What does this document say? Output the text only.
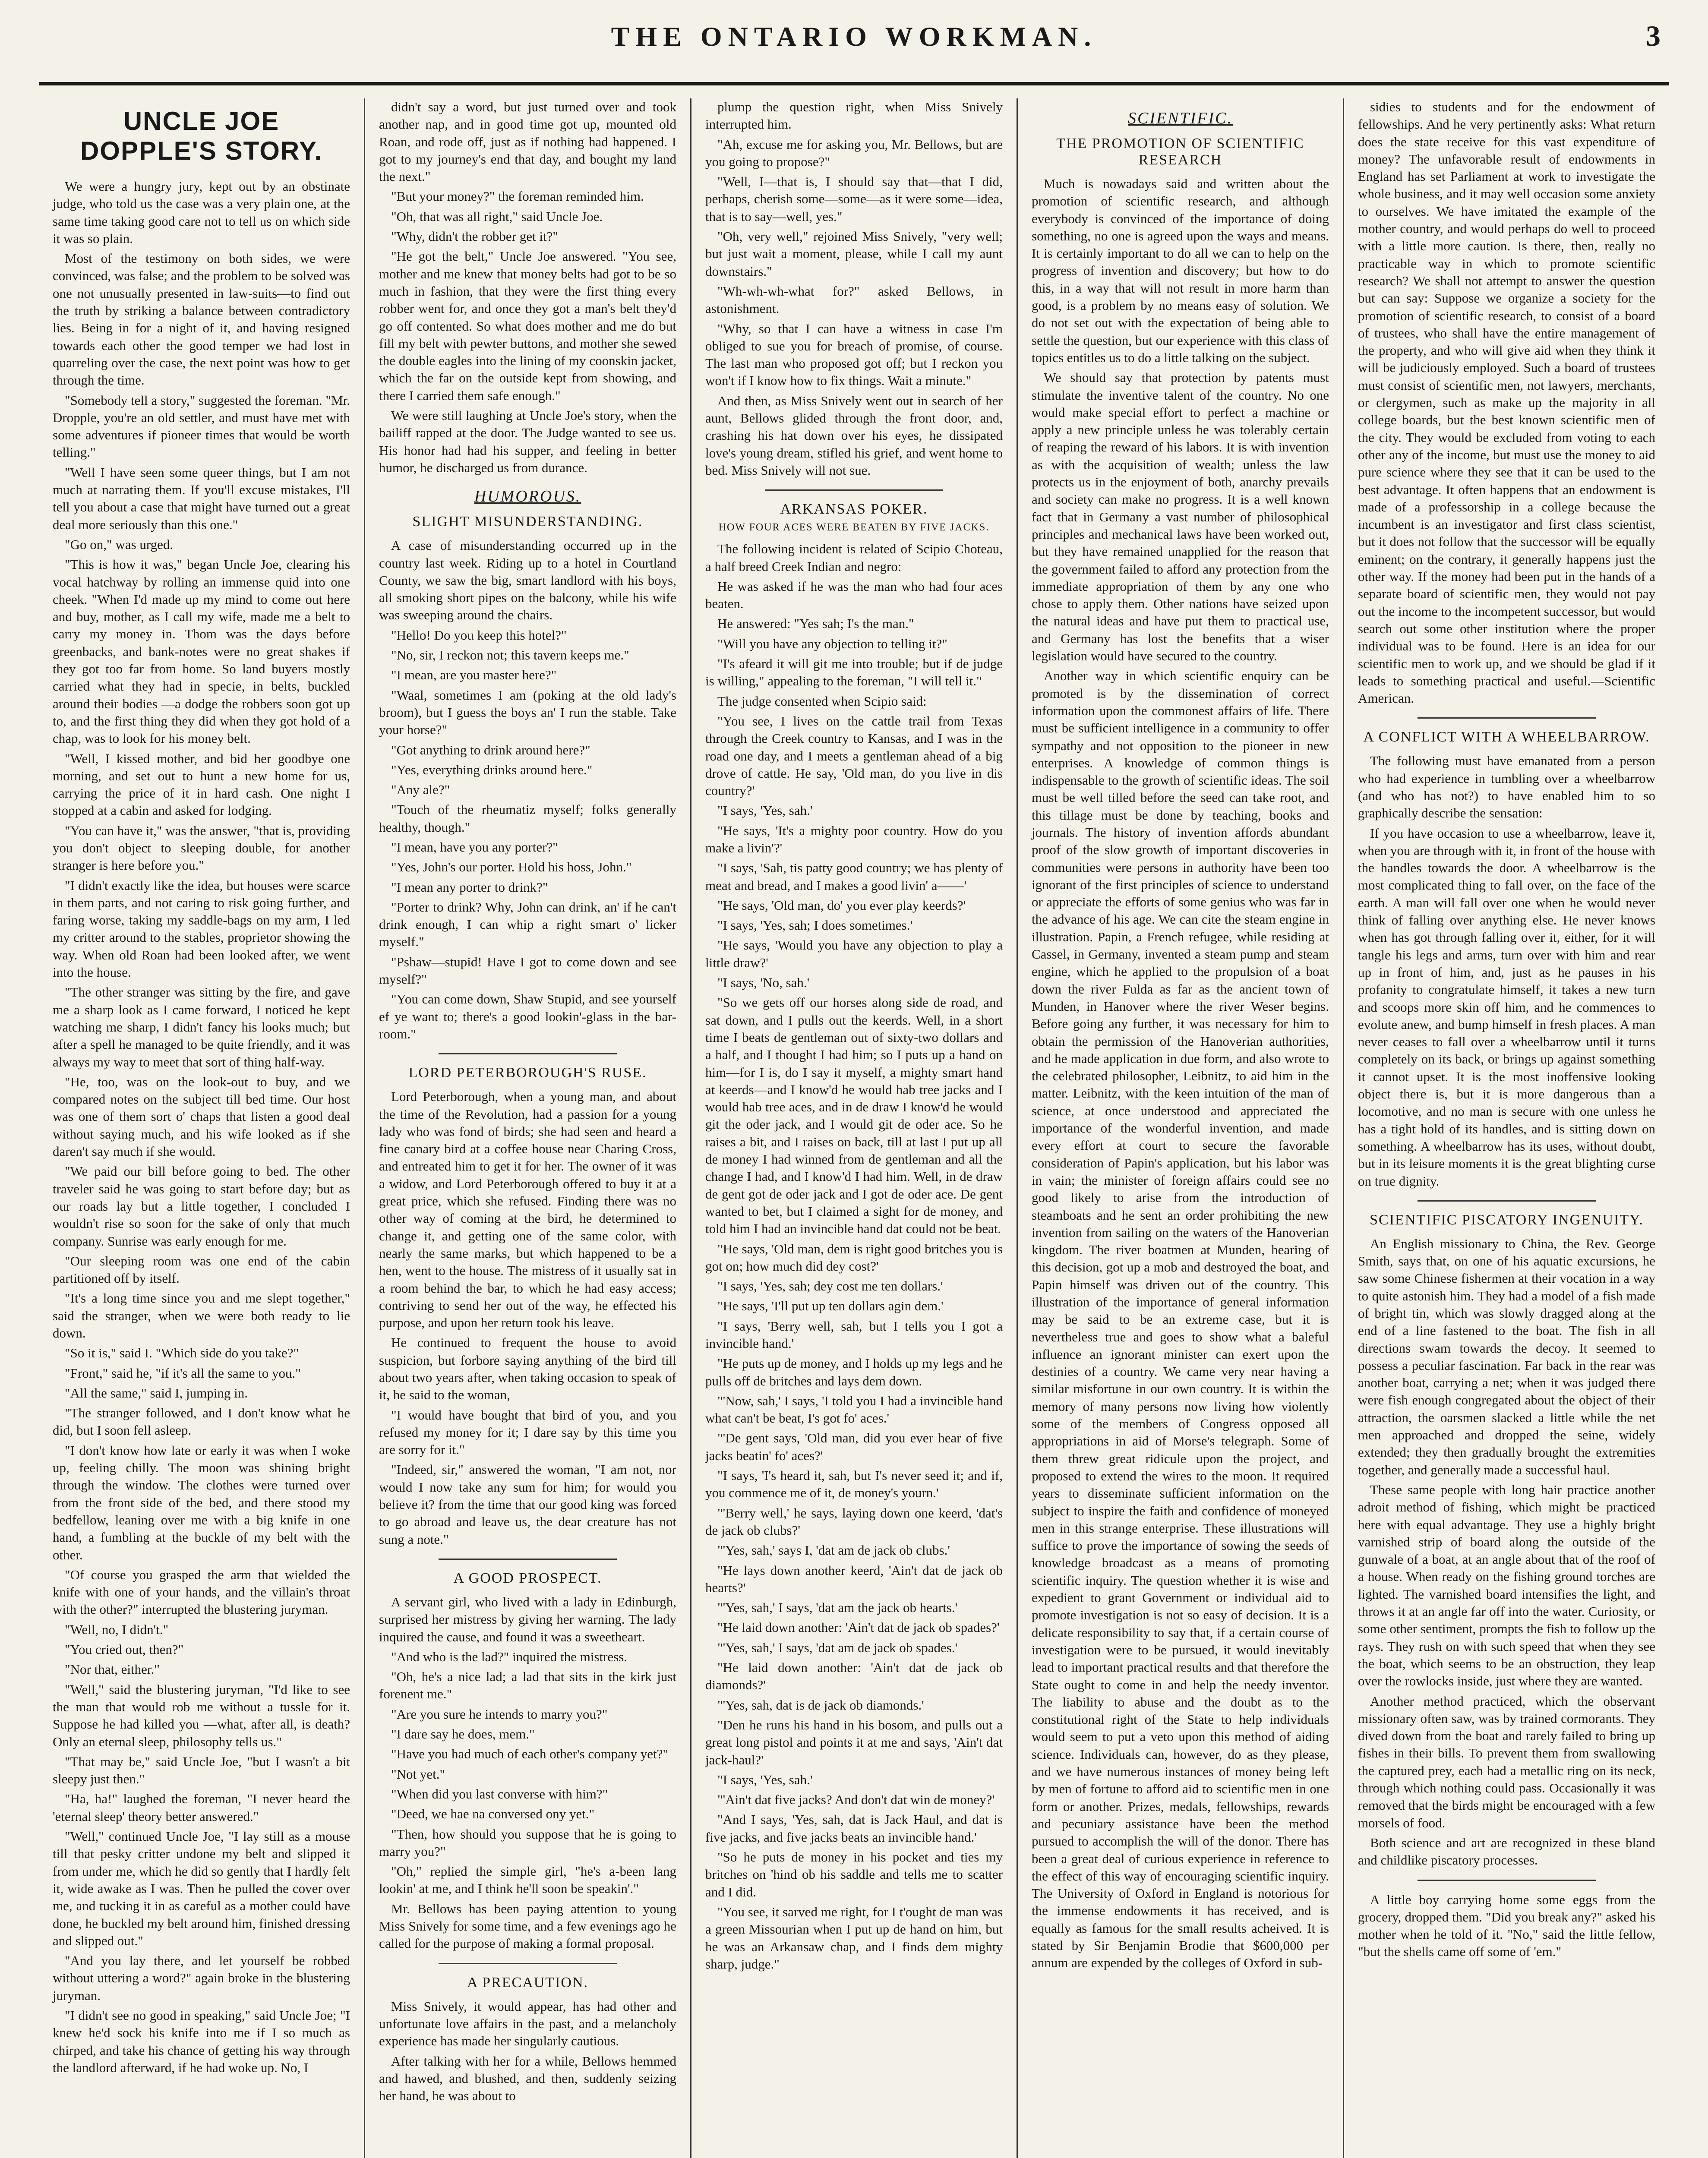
THE ONTARIO WORKMAN.	3
UNCLE JOE DOPPLE'S STORY.

We were a hungry jury, kept out by an obstinate judge, who told us the case was a very plain one, at the same time taking good care not to tell us on which side it was so plain.

Most of the testimony on both sides, we were convinced, was false; and the problem to be solved was one not unusually presented in law-suits—to find out the truth by striking a balance between contradictory lies. Being in for a night of it, and having resigned towards each other the good temper we had lost in quarreling over the case, the next point was how to get through the time.

"Somebody tell a story," suggested the foreman. "Mr. Dropple, you're an old settler, and must have met with some adventures if pioneer times that would be worth telling."

"Well I have seen some queer things, but I am not much at narrating them. If you'll excuse mistakes, I'll tell you about a case that might have turned out a great deal more seriously than this one."

"Go on," was urged.

"This is how it was," began Uncle Joe, clearing his vocal hatchway by rolling an immense quid into one cheek. "When I'd made up my mind to come out here and buy, mother, as I call my wife, made me a belt to carry my money in. Thom was the days before greenbacks, and bank-notes were no great shakes if they got too far from home. So land buyers mostly carried what they had in specie, in belts, buckled around their bodies —a dodge the robbers soon got up to, and the first thing they did when they got hold of a chap, was to look for his money belt.

"Well, I kissed mother, and bid her goodbye one morning, and set out to hunt a new home for us, carrying the price of it in hard cash. One night I stopped at a cabin and asked for lodging.

"You can have it," was the answer, "that is, providing you don't object to sleeping double, for another stranger is here before you."

"I didn't exactly like the idea, but houses were scarce in them parts, and not caring to risk going further, and faring worse, taking my saddle-bags on my arm, I led my critter around to the stables, proprietor showing the way. When old Roan had been looked after, we went into the house.

"The other stranger was sitting by the fire, and gave me a sharp look as I came forward, I noticed he kept watching me sharp, I didn't fancy his looks much; but after a spell he managed to be quite friendly, and it was always my way to meet that sort of thing half-way.

"He, too, was on the look-out to buy, and we compared notes on the subject till bed time. Our host was one of them sort o' chaps that listen a good deal without saying much, and his wife looked as if she daren't say much if she would.

"We paid our bill before going to bed. The other traveler said he was going to start before day; but as our roads lay but a little together, I concluded I wouldn't rise so soon for the sake of only that much company. Sunrise was early enough for me.

"Our sleeping room was one end of the cabin partitioned off by itself.

"It's a long time since you and me slept together," said the stranger, when we were both ready to lie down.

"So it is," said I. "Which side do you take?"

"Front," said he, "if it's all the same to you."

"All the same," said I, jumping in.

"The stranger followed, and I don't know what he did, but I soon fell asleep.

"I don't know how late or early it was when I woke up, feeling chilly. The moon was shining bright through the window. The clothes were turned over from the front side of the bed, and there stood my bedfellow, leaning over me with a big knife in one hand, a fumbling at the buckle of my belt with the other.

"Of course you grasped the arm that wielded the knife with one of your hands, and the villain's throat with the other?" interrupted the blustering juryman.

"Well, no, I didn't."

"You cried out, then?"

"Nor that, either."

"Well," said the blustering juryman, "I'd like to see the man that would rob me without a tussle for it. Suppose he had killed you —what, after all, is death? Only an eternal sleep, philosophy tells us."

"That may be," said Uncle Joe, "but I wasn't a bit sleepy just then."

"Ha, ha!" laughed the foreman, "I never heard the 'eternal sleep' theory better answered."

"Well," continued Uncle Joe, "I lay still as a mouse till that pesky critter undone my belt and slipped it from under me, which he did so gently that I hardly felt it, wide awake as I was. Then he pulled the cover over me, and tucking it in as careful as a mother could have done, he buckled my belt around him, finished dressing and slipped out."

"And you lay there, and let yourself be robbed without uttering a word?" again broke in the blustering juryman.

"I didn't see no good in speaking," said Uncle Joe; "I knew he'd sock his knife into me if I so much as chirped, and take his chance of getting his way through the landlord afterward, if he had woke up. No, I

didn't say a word, but just turned over and took another nap, and in good time got up, mounted old Roan, and rode off, just as if nothing had happened. I got to my journey's end that day, and bought my land the next."

"But your money?" the foreman reminded him.

"Oh, that was all right," said Uncle Joe.

"Why, didn't the robber get it?"

"He got the belt," Uncle Joe answered. "You see, mother and me knew that money belts had got to be so much in fashion, that they were the first thing every robber went for, and once they got a man's belt they'd go off contented. So what does mother and me do but fill my belt with pewter buttons, and mother she sewed the double eagles into the lining of my coonskin jacket, which the far on the outside kept from showing, and there I carried them safe enough."

We were still laughing at Uncle Joe's story, when the bailiff rapped at the door. The Judge wanted to see us. His honor had had his supper, and feeling in better humor, he discharged us from durance.

HUMOROUS.
SLIGHT MISUNDERSTANDING.

A case of misunderstanding occurred up in the country last week. Riding up to a hotel in Courtland County, we saw the big, smart landlord with his boys, all smoking short pipes on the balcony, while his wife was sweeping around the chairs.

"Hello! Do you keep this hotel?"

"No, sir, I reckon not; this tavern keeps me."

"I mean, are you master here?"

"Waal, sometimes I am (poking at the old lady's broom), but I guess the boys an' I run the stable. Take your horse?"

"Got anything to drink around here?"

"Yes, everything drinks around here."

"Any ale?"

"Touch of the rheumatiz myself; folks generally healthy, though."

"I mean, have you any porter?"

"Yes, John's our porter. Hold his hoss, John."

"I mean any porter to drink?"

"Porter to drink? Why, John can drink, an' if he can't drink enough, I can whip a right smart o' licker myself."

"Pshaw—stupid! Have I got to come down and see myself?"

"You can come down, Shaw Stupid, and see yourself ef ye want to; there's a good lookin'-glass in the bar-room."

LORD PETERBOROUGH'S RUSE.

Lord Peterborough, when a young man, and about the time of the Revolution, had a passion for a young lady who was fond of birds; she had seen and heard a fine canary bird at a coffee house near Charing Cross, and entreated him to get it for her. The owner of it was a widow, and Lord Peterborough offered to buy it at a great price, which she refused. Finding there was no other way of coming at the bird, he determined to change it, and getting one of the same color, with nearly the same marks, but which happened to be a hen, went to the house. The mistress of it usually sat in a room behind the bar, to which he had easy access; contriving to send her out of the way, he effected his purpose, and upon her return took his leave.

He continued to frequent the house to avoid suspicion, but forbore saying anything of the bird till about two years after, when taking occasion to speak of it, he said to the woman,

"I would have bought that bird of you, and you refused my money for it; I dare say by this time you are sorry for it."

"Indeed, sir," answered the woman, "I am not, nor would I now take any sum for him; for would you believe it? from the time that our good king was forced to go abroad and leave us, the dear creature has not sung a note."

A GOOD PROSPECT.

A servant girl, who lived with a lady in Edinburgh, surprised her mistress by giving her warning. The lady inquired the cause, and found it was a sweetheart.

"And who is the lad?" inquired the mistress.

"Oh, he's a nice lad; a lad that sits in the kirk just forenent me."

"Are you sure he intends to marry you?"

"I dare say he does, mem."

"Have you had much of each other's company yet?"

"Not yet."

"When did you last converse with him?"

"Deed, we hae na conversed ony yet."

"Then, how should you suppose that he is going to marry you?"

"Oh," replied the simple girl, "he's a-been lang lookin' at me, and I think he'll soon be speakin'."

Mr. Bellows has been paying attention to young Miss Snively for some time, and a few evenings ago he called for the purpose of making a formal proposal.

A PRECAUTION.

Miss Snively, it would appear, has had other and unfortunate love affairs in the past, and a melancholy experience has made her singularly cautious.

After talking with her for a while, Bellows hemmed and hawed, and blushed, and then, suddenly seizing her hand, he was about to

plump the question right, when Miss Snively interrupted him.

"Ah, excuse me for asking you, Mr. Bellows, but are you going to propose?"

"Well, I—that is, I should say that—that I did, perhaps, cherish some—some—as it were some—idea, that is to say—well, yes."

"Oh, very well," rejoined Miss Snively, "very well; but just wait a moment, please, while I call my aunt downstairs."

"Wh-wh-wh-what for?" asked Bellows, in astonishment.

"Why, so that I can have a witness in case I'm obliged to sue you for breach of promise, of course. The last man who proposed got off; but I reckon you won't if I know how to fix things. Wait a minute."

And then, as Miss Snively went out in search of her aunt, Bellows glided through the front door, and, crashing his hat down over his eyes, he dissipated love's young dream, stifled his grief, and went home to bed. Miss Snively will not sue.

ARKANSAS POKER.
HOW FOUR ACES WERE BEATEN BY FIVE JACKS.

The following incident is related of Scipio Choteau, a half breed Creek Indian and negro:

He was asked if he was the man who had four aces beaten.

He answered: "Yes sah; I's the man."

"Will you have any objection to telling it?"

"I's afeard it will git me into trouble; but if de judge is willing," appealing to the foreman, "I will tell it."

The judge consented when Scipio said:

"You see, I lives on the cattle trail from Texas through the Creek country to Kansas, and I was in the road one day, and I meets a gentleman ahead of a big drove of cattle. He say, 'Old man, do you live in dis country?'

"I says, 'Yes, sah.'

"He says, 'It's a mighty poor country. How do you make a livin'?'

"I says, 'Sah, tis patty good country; we has plenty of meat and bread, and I makes a good livin' a——'

"He says, 'Old man, do' you ever play keerds?'

"I says, 'Yes, sah; I does sometimes.'

"He says, 'Would you have any objection to play a little draw?'

"I says, 'No, sah.'

"So we gets off our horses along side de road, and sat down, and I pulls out the keerds. Well, in a short time I beats de gentleman out of sixty-two dollars and a half, and I thought I had him; so I puts up a hand on him—for I is, do I say it myself, a mighty smart hand at keerds—and I know'd he would hab tree jacks and I would hab tree aces, and in de draw I know'd he would git the oder jack, and I would git de oder ace. So he raises a bit, and I raises on back, till at last I put up all de money I had winned from de gentleman and all the change I had, and I know'd I had him. Well, in de draw de gent got de oder jack and I got de oder ace. De gent wanted to bet, but I claimed a sight for de money, and told him I had an invincible hand dat could not be beat.

"He says, 'Old man, dem is right good britches you is got on; how much did dey cost?'

"I says, 'Yes, sah; dey cost me ten dollars.'

"He says, 'I'll put up ten dollars agin dem.'

"I says, 'Berry well, sah, but I tells you I got a invincible hand.'

"He puts up de money, and I holds up my legs and he pulls off de britches and lays dem down.

"'Now, sah,' I says, 'I told you I had a invincible hand what can't be beat, I's got fo' aces.'

"'De gent says, 'Old man, did you ever hear of five jacks beatin' fo' aces?'

"I says, 'I's heard it, sah, but I's never seed it; and if, you commence me of it, de money's yourn.'

"'Berry well,' he says, laying down one keerd, 'dat's de jack ob clubs?'

"'Yes, sah,' says I, 'dat am de jack ob clubs.'

"He lays down another keerd, 'Ain't dat de jack ob hearts?'

"'Yes, sah,' I says, 'dat am the jack ob hearts.'

"He laid down another: 'Ain't dat de jack ob spades?'

"'Yes, sah,' I says, 'dat am de jack ob spades.'

"He laid down another: 'Ain't dat de jack ob diamonds?'

"'Yes, sah, dat is de jack ob diamonds.'

"Den he runs his hand in his bosom, and pulls out a great long pistol and points it at me and says, 'Ain't dat jack-haul?'

"I says, 'Yes, sah.'

"'Ain't dat five jacks? And don't dat win de money?'

"And I says, 'Yes, sah, dat is Jack Haul, and dat is five jacks, and five jacks beats an invincible hand.'

"So he puts de money in his pocket and ties my britches on 'hind ob his saddle and tells me to scatter and I did.

"You see, it sarved me right, for I t'ought de man was a green Missourian when I put up de hand on him, but he was an Arkansaw chap, and I finds dem mighty sharp, judge."

SCIENTIFIC.
THE PROMOTION OF SCIENTIFIC RESEARCH

Much is nowadays said and written about the promotion of scientific research, and although everybody is convinced of the importance of doing something, no one is agreed upon the ways and means. It is certainly important to do all we can to help on the progress of invention and discovery; but how to do this, in a way that will not result in more harm than good, is a problem by no means easy of solution. We do not set out with the expectation of being able to settle the question, but our experience with this class of topics entitles us to do a little talking on the subject.

We should say that protection by patents must stimulate the inventive talent of the country. No one would make special effort to perfect a machine or apply a new principle unless he was tolerably certain of reaping the reward of his labors. It is with invention as with the acquisition of wealth; unless the law protects us in the enjoyment of both, anarchy prevails and society can make no progress. It is a well known fact that in Germany a vast number of philosophical principles and mechanical laws have been worked out, but they have remained unapplied for the reason that the government failed to afford any protection from the immediate appropriation of them by any one who chose to apply them. Other nations have seized upon the natural ideas and have put them to practical use, and Germany has lost the benefits that a wiser legislation would have secured to the country.

Another way in which scientific enquiry can be promoted is by the dissemination of correct information upon the commonest affairs of life. There must be sufficient intelligence in a community to offer sympathy and not opposition to the pioneer in new enterprises. A knowledge of common things is indispensable to the growth of scientific ideas. The soil must be well tilled before the seed can take root, and this tillage must be done by teaching, books and journals. The history of invention affords abundant proof of the slow growth of important discoveries in communities were persons in authority have been too ignorant of the first principles of science to understand or appreciate the efforts of some genius who was far in the advance of his age. We can cite the steam engine in illustration. Papin, a French refugee, while residing at Cassel, in Germany, invented a steam pump and steam engine, which he applied to the propulsion of a boat down the river Fulda as far as the ancient town of Munden, in Hanover where the river Weser begins. Before going any further, it was necessary for him to obtain the permission of the Hanoverian authorities, and he made application in due form, and also wrote to the celebrated philosopher, Leibnitz, to aid him in the matter. Leibnitz, with the keen intuition of the man of science, at once understood and appreciated the importance of the wonderful invention, and made every effort at court to secure the favorable consideration of Papin's application, but his labor was in vain; the minister of foreign affairs could see no good likely to arise from the introduction of steamboats and he sent an order prohibiting the new invention from sailing on the waters of the Hanoverian kingdom. The river boatmen at Munden, hearing of this decision, got up a mob and destroyed the boat, and Papin himself was driven out of the country. This illustration of the importance of general information may be said to be an extreme case, but it is nevertheless true and goes to show what a baleful influence an ignorant minister can exert upon the destinies of a country. We came very near having a similar misfortune in our own country. It is within the memory of many persons now living how violently some of the members of Congress opposed all appropriations in aid of Morse's telegraph. Some of them threw great ridicule upon the project, and proposed to extend the wires to the moon. It required years to disseminate sufficient information on the subject to inspire the faith and confidence of moneyed men in this strange enterprise. These illustrations will suffice to prove the importance of sowing the seeds of knowledge broadcast as a means of promoting scientific inquiry. The question whether it is wise and expedient to grant Government or individual aid to promote investigation is not so easy of decision. It is a delicate responsibility to say that, if a certain course of investigation were to be pursued, it would inevitably lead to important practical results and that therefore the State ought to come in and help the needy inventor. The liability to abuse and the doubt as to the constitutional right of the State to help individuals would seem to put a veto upon this method of aiding science. Individuals can, however, do as they please, and we have numerous instances of money being left by men of fortune to afford aid to scientific men in one form or another. Prizes, medals, fellowships, rewards and pecuniary assistance have been the method pursued to accomplish the will of the donor. There has been a great deal of curious experience in reference to the effect of this way of encouraging scientific inquiry. The University of Oxford in England is notorious for the immense endowments it has received, and is equally as famous for the small results acheived. It is stated by Sir Benjamin Brodie that $600,000 per annum are expended by the colleges of Oxford in sub-

sidies to students and for the endowment of fellowships. And he very pertinently asks: What return does the state receive for this vast expenditure of money? The unfavorable result of endowments in England has set Parliament at work to investigate the whole business, and it may well occasion some anxiety to ourselves. We have imitated the example of the mother country, and would perhaps do well to proceed with a little more caution. Is there, then, really no practicable way in which to promote scientific research? We shall not attempt to answer the question but can say: Suppose we organize a society for the promotion of scientific research, to consist of a board of trustees, who shall have the entire management of the property, and who will give aid when they think it will be judiciously employed. Such a board of trustees must consist of scientific men, not lawyers, merchants, or clergymen, such as make up the majority in all college boards, but the best known scientific men of the city. They would be excluded from voting to each other any of the income, but must use the money to aid pure science where they see that it can be used to the best advantage. It often happens that an endowment is made of a professorship in a college because the incumbent is an investigator and first class scientist, but it does not follow that the successor will be equally eminent; on the contrary, it generally happens just the other way. If the money had been put in the hands of a separate board of scientific men, they would not pay out the income to the incompetent successor, but would search out some other institution where the proper individual was to be found. Here is an idea for our scientific men to work up, and we should be glad if it leads to something practical and useful.—Scientific American.

A CONFLICT WITH A WHEELBARROW.

The following must have emanated from a person who had experience in tumbling over a wheelbarrow (and who has not?) to have enabled him to so graphically describe the sensation:

If you have occasion to use a wheelbarrow, leave it, when you are through with it, in front of the house with the handles towards the door. A wheelbarrow is the most complicated thing to fall over, on the face of the earth. A man will fall over one when he would never think of falling over anything else. He never knows when has got through falling over it, either, for it will tangle his legs and arms, turn over with him and rear up in front of him, and, just as he pauses in his profanity to congratulate himself, it takes a new turn and scoops more skin off him, and he commences to evolute anew, and bump himself in fresh places. A man never ceases to fall over a wheelbarrow until it turns completely on its back, or brings up against something it cannot upset. It is the most inoffensive looking object there is, but it is more dangerous than a locomotive, and no man is secure with one unless he has a tight hold of its handles, and is sitting down on something. A wheelbarrow has its uses, without doubt, but in its leisure moments it is the great blighting curse on true dignity.

SCIENTIFIC PISCATORY INGENUITY.

An English missionary to China, the Rev. George Smith, says that, on one of his aquatic excursions, he saw some Chinese fishermen at their vocation in a way to quite astonish him. They had a model of a fish made of bright tin, which was slowly dragged along at the end of a line fastened to the boat. The fish in all directions swam towards the decoy. It seemed to possess a peculiar fascination. Far back in the rear was another boat, carrying a net; when it was judged there were fish enough congregated about the object of their attraction, the oarsmen slacked a little while the net men approached and dropped the seine, widely extended; they then gradually brought the extremities together, and generally made a successful haul.

These same people with long hair practice another adroit method of fishing, which might be practiced here with equal advantage. They use a highly bright varnished strip of board along the outside of the gunwale of a boat, at an angle about that of the roof of a house. When ready on the fishing ground torches are lighted. The varnished board intensifies the light, and throws it at an angle far off into the water. Curiosity, or some other sentiment, prompts the fish to follow up the rays. They rush on with such speed that when they see the boat, which seems to be an obstruction, they leap over the rowlocks inside, just where they are wanted.

Another method practiced, which the observant missionary often saw, was by trained cormorants. They dived down from the boat and rarely failed to bring up fishes in their bills. To prevent them from swallowing the captured prey, each had a metallic ring on its neck, through which nothing could pass. Occasionally it was removed that the birds might be encouraged with a few morsels of food.

Both science and art are recognized in these bland and childlike piscatory processes.

A little boy carrying home some eggs from the grocery, dropped them. "Did you break any?" asked his mother when he told of it. "No," said the little fellow, "but the shells came off some of 'em."
